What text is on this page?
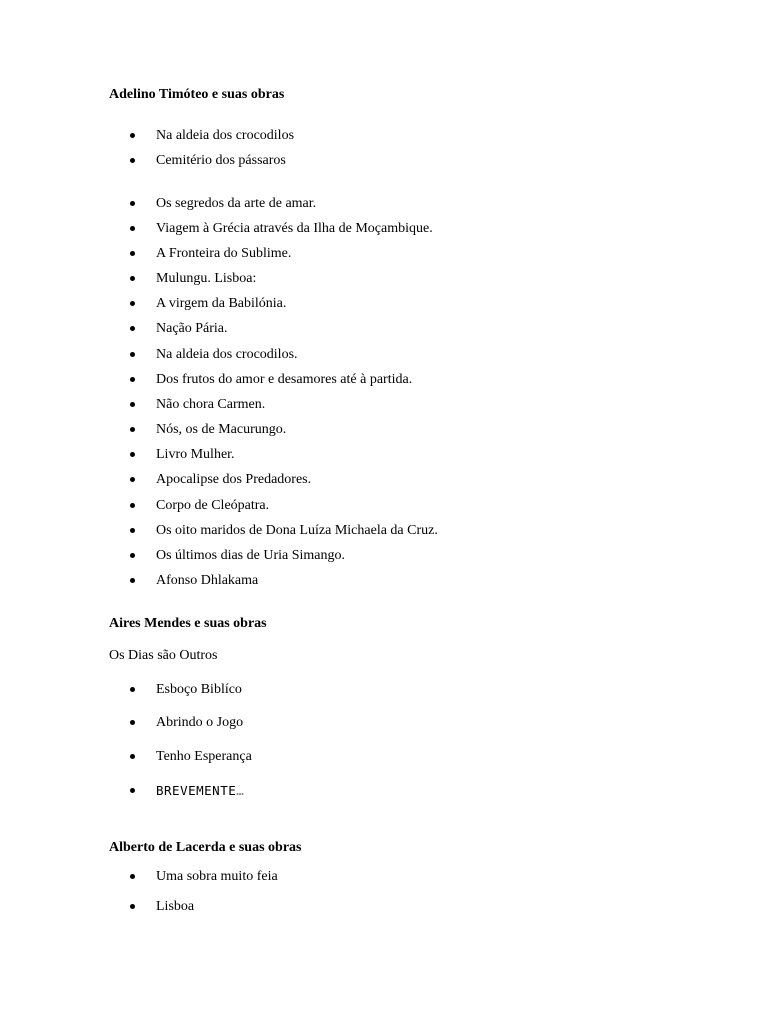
Adelino Timóteo e suas obras
Na aldeia dos crocodilos
Cemitério dos pássaros
Os segredos da arte de amar.
Viagem à Grécia através da Ilha de Moçambique.
A Fronteira do Sublime.
Mulungu. Lisboa:
A virgem da Babilónia.
Nação Pária.
Na aldeia dos crocodilos.
Dos frutos do amor e desamores até à partida.
Não chora Carmen.
Nós, os de Macurungo.
Livro Mulher.
Apocalipse dos Predadores.
Corpo de Cleópatra.
Os oito maridos de Dona Luíza Michaela da Cruz.
Os últimos dias de Uria Simango.
Afonso Dhlakama
Aires Mendes e suas obras

Os Dias são Outros

Esboço Biblíco
Abrindo o Jogo
Tenho Esperança
BREVEMENTE…
Alberto de Lacerda e suas obras
Uma sobra muito feia
Lisboa
